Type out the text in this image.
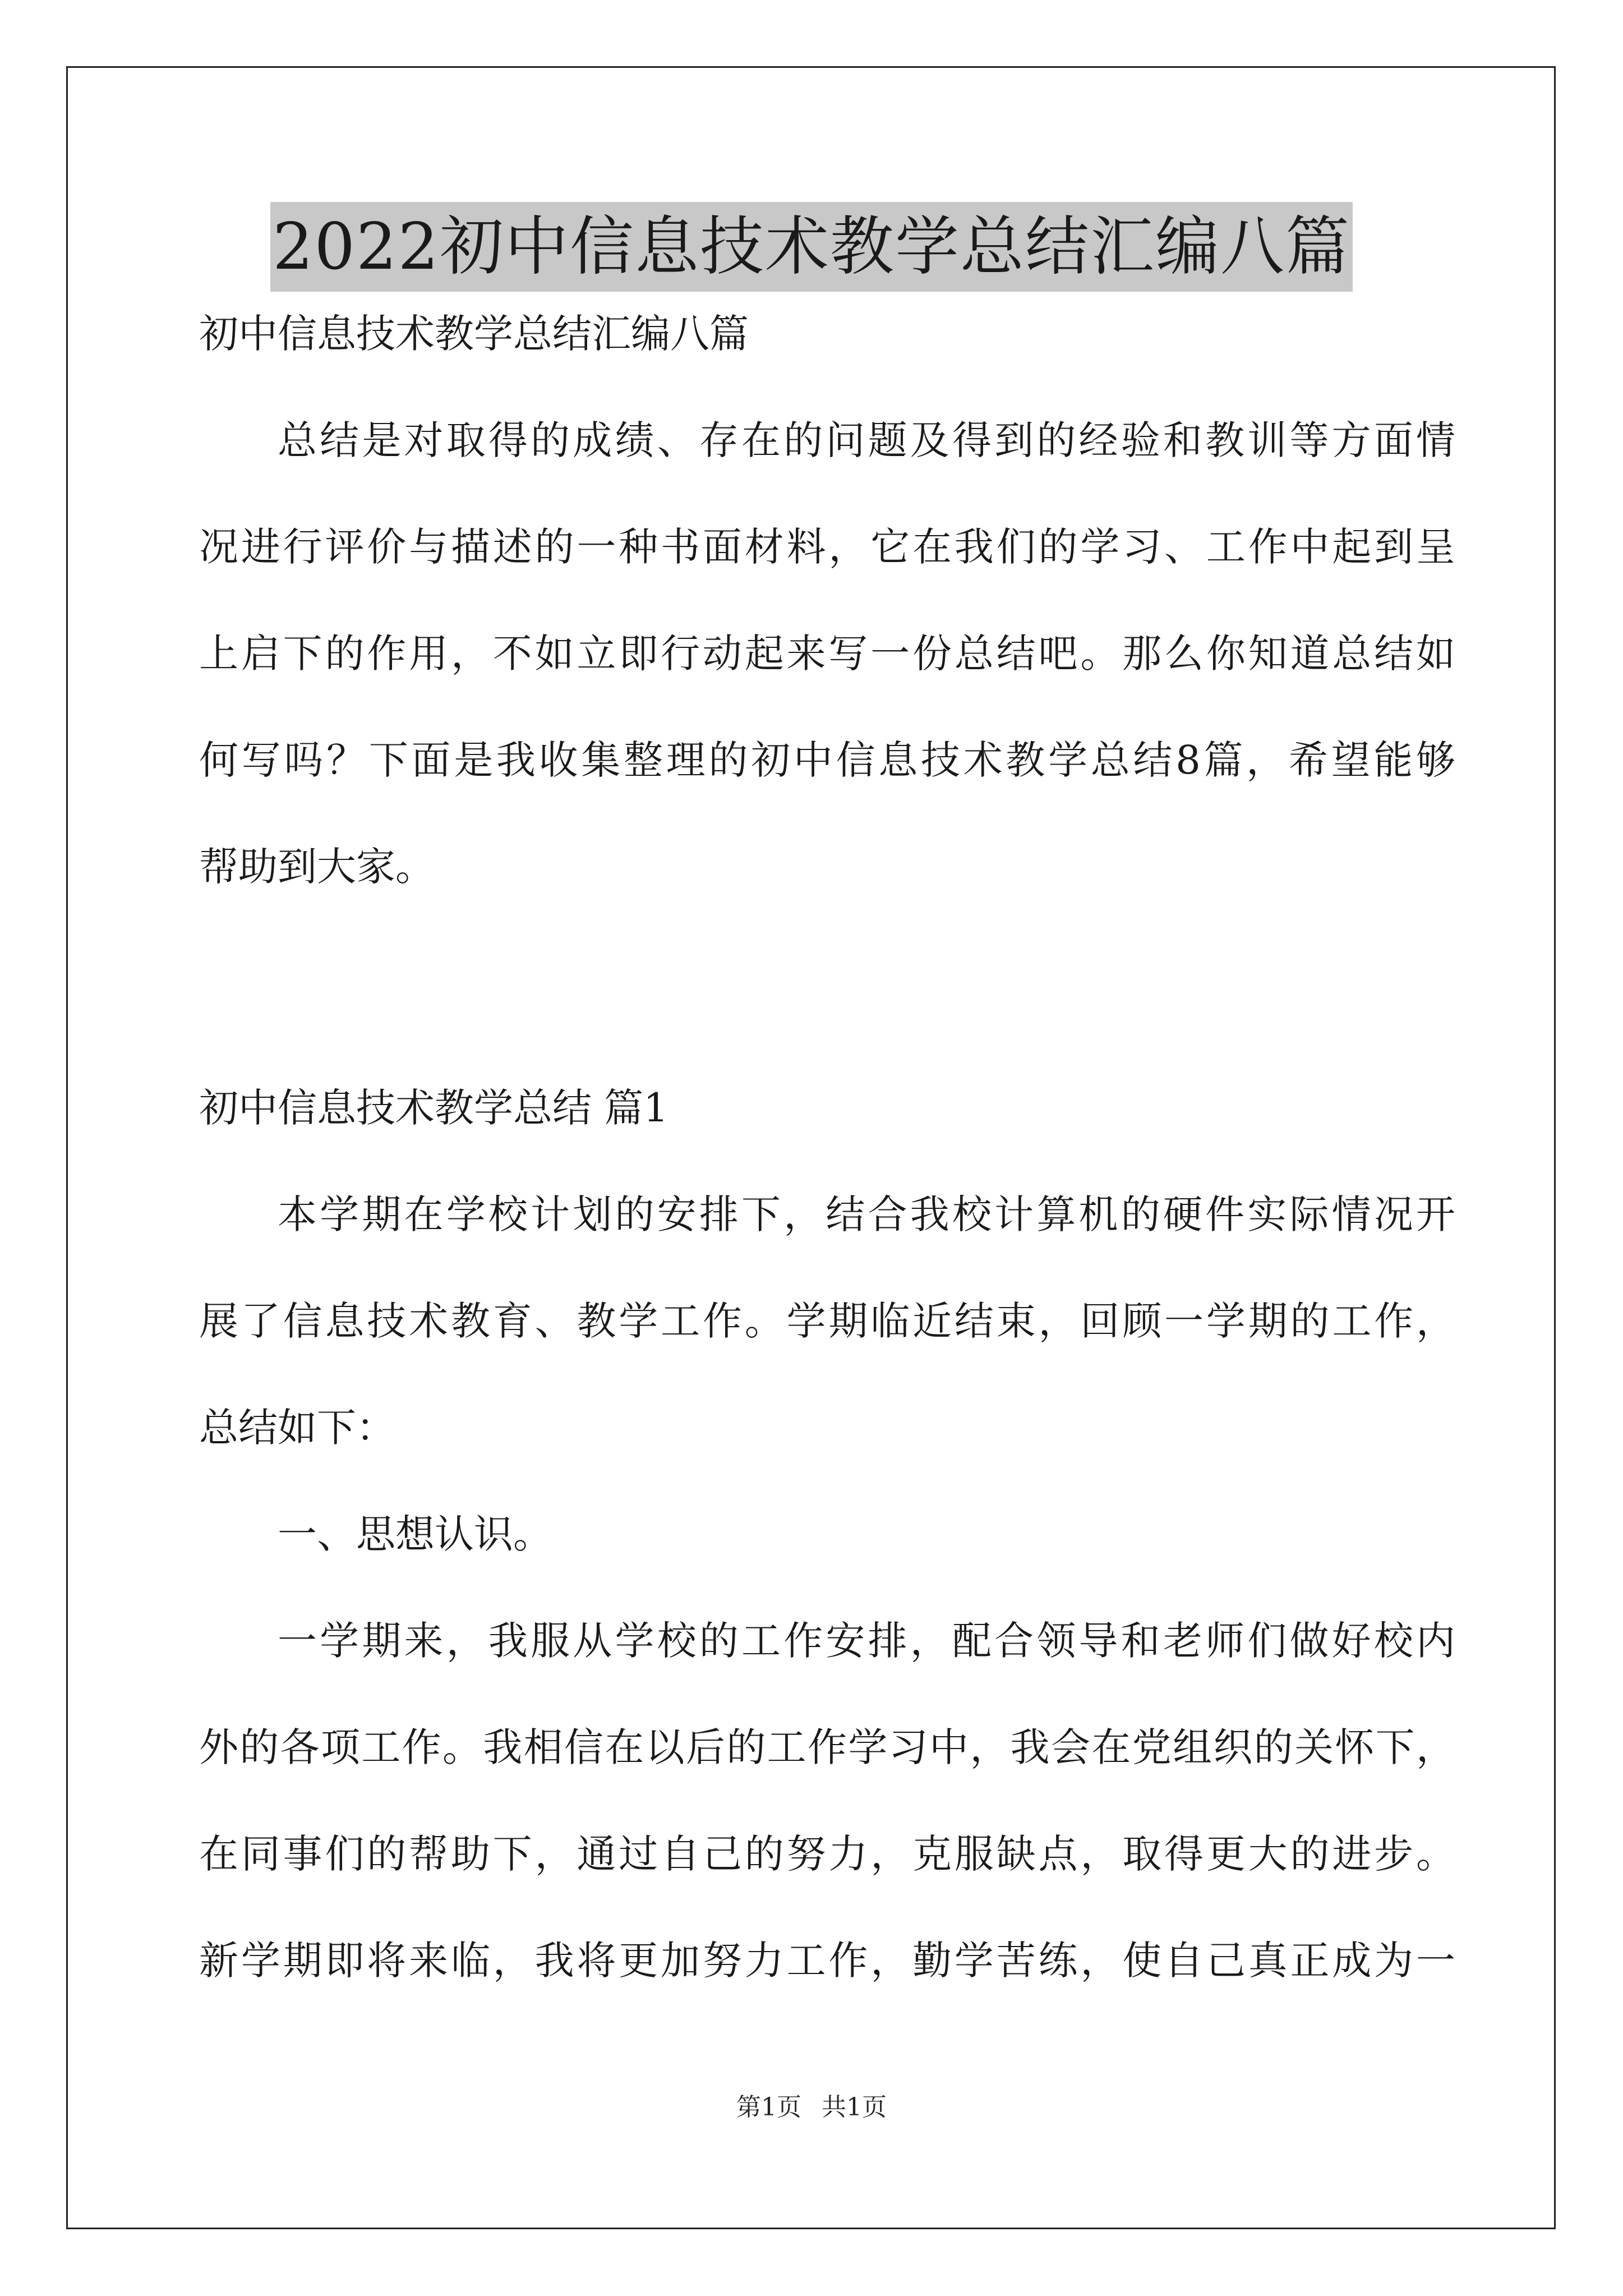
2022初中信息技术教学总结汇编八篇

初中信息技术教学总结汇编八篇

总结是对取得的成绩、存在的问题及得到的经验和教训等方面情

况进行评价与描述的一种书面材料，它在我们的学习、工作中起到呈

上启下的作用，不如立即行动起来写一份总结吧。那么你知道总结如

何写吗？下面是我收集整理的初中信息技术教学总结8篇，希望能够

帮助到大家。

初中信息技术教学总结 篇1

本学期在学校计划的安排下，结合我校计算机的硬件实际情况开

展了信息技术教育、教学工作。学期临近结束，回顾一学期的工作，

总结如下：

一、思想认识。

一学期来，我服从学校的工作安排，配合领导和老师们做好校内

外的各项工作。我相信在以后的工作学习中，我会在党组织的关怀下，

在同事们的帮助下，通过自己的努力，克服缺点，取得更大的进步。

新学期即将来临，我将更加努力工作，勤学苦练，使自己真正成为一

第1页 共1页
